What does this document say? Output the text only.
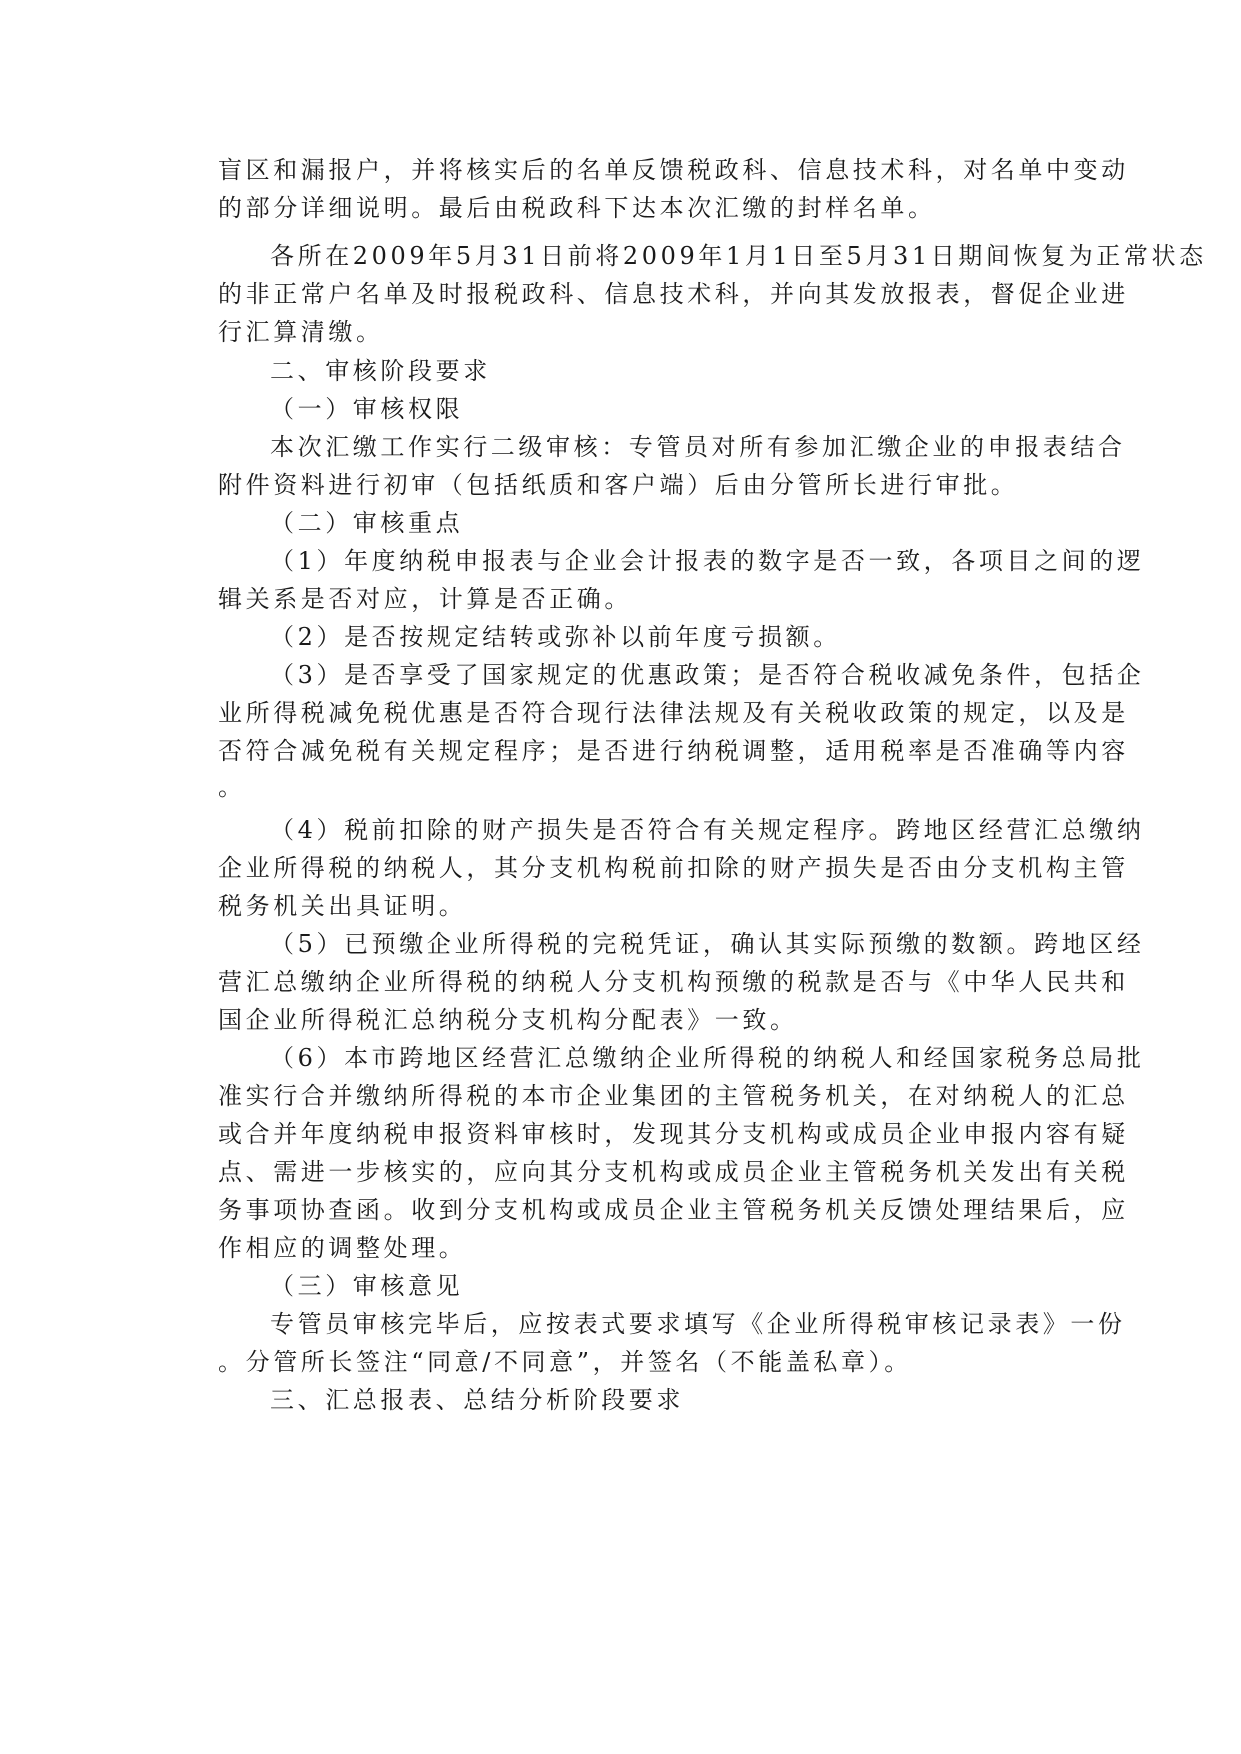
盲区和漏报户，并将核实后的名单反馈税政科、信息技术科，对名单中变动
的部分详细说明。最后由税政科下达本次汇缴的封样名单。
各所在2009年5月31日前将2009年1月1日至5月31日期间恢复为正常状态
的非正常户名单及时报税政科、信息技术科，并向其发放报表，督促企业进
行汇算清缴。
二、审核阶段要求
（一）审核权限
本次汇缴工作实行二级审核：专管员对所有参加汇缴企业的申报表结合
附件资料进行初审（包括纸质和客户端）后由分管所长进行审批。
（二）审核重点
（1）年度纳税申报表与企业会计报表的数字是否一致，各项目之间的逻
辑关系是否对应，计算是否正确。
（2）是否按规定结转或弥补以前年度亏损额。
（3）是否享受了国家规定的优惠政策；是否符合税收减免条件，包括企
业所得税减免税优惠是否符合现行法律法规及有关税收政策的规定，以及是
否符合减免税有关规定程序；是否进行纳税调整，适用税率是否准确等内容
。
（4）税前扣除的财产损失是否符合有关规定程序。跨地区经营汇总缴纳
企业所得税的纳税人，其分支机构税前扣除的财产损失是否由分支机构主管
税务机关出具证明。
（5）已预缴企业所得税的完税凭证，确认其实际预缴的数额。跨地区经
营汇总缴纳企业所得税的纳税人分支机构预缴的税款是否与《中华人民共和
国企业所得税汇总纳税分支机构分配表》一致。
（6）本市跨地区经营汇总缴纳企业所得税的纳税人和经国家税务总局批
准实行合并缴纳所得税的本市企业集团的主管税务机关，在对纳税人的汇总
或合并年度纳税申报资料审核时，发现其分支机构或成员企业申报内容有疑
点、需进一步核实的，应向其分支机构或成员企业主管税务机关发出有关税
务事项协查函。收到分支机构或成员企业主管税务机关反馈处理结果后，应
作相应的调整处理。
（三）审核意见
专管员审核完毕后，应按表式要求填写《企业所得税审核记录表》一份
。分管所长签注“同意/不同意”，并签名（不能盖私章）。
三、汇总报表、总结分析阶段要求
